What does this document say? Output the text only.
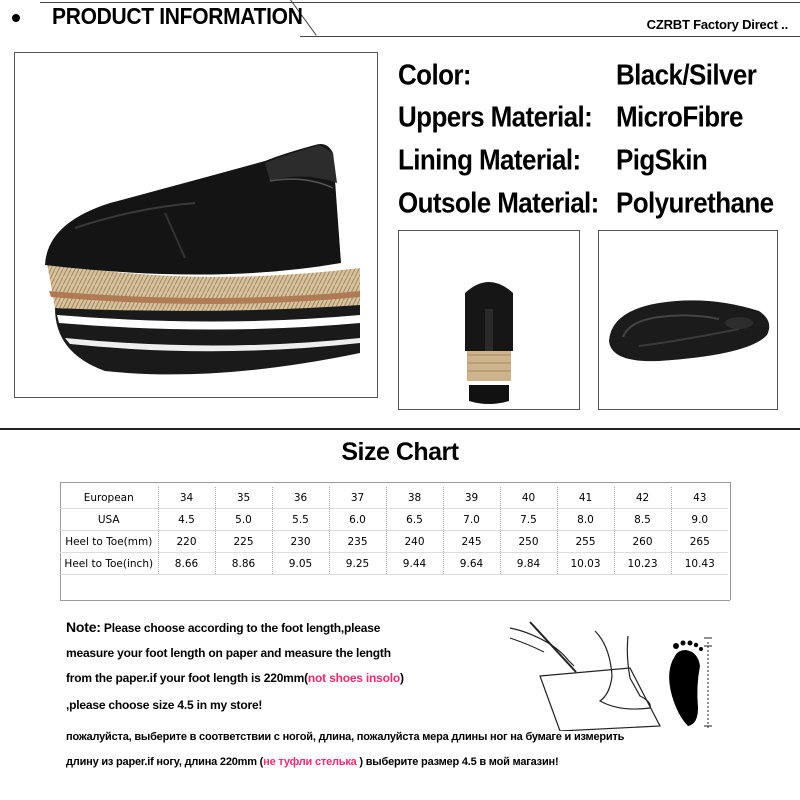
PRODUCT INFORMATION	CZRBT Factory Direct ..
Color:	Black/Silver
Uppers Material: MicroFibre
Lining Material: PigSkin
Outsole Material: Polyurethane
Size Chart
European	34	35	36	37	38	39	40	41	42	43
USA	4.5	5.0	5.5	6.0	6.5	7.0	7.5	8.0	8.5	9.0
Heel to Toe(mm)	220	225	230	235	240	245	250	255	260	265
Heel to Toe(inch)	8.66	8.86	9.05	9.25	9.44	9.64	9.84	10.03	10.23	10.43
Note: Please choose according to the foot length,please
measure your foot length on paper and measure the length
from the paper.if your foot length is 220mm(not shoes insolo)
,please choose size 4.5 in my store!
пожалуйста, выберите в соответствии с ногой, длина, пожалуйста мера длины ног на бумаге и измерить
длину из paper.if ногу, длина 220mm (не туфли стелька ) выберите размер 4.5 в мой магазин!
